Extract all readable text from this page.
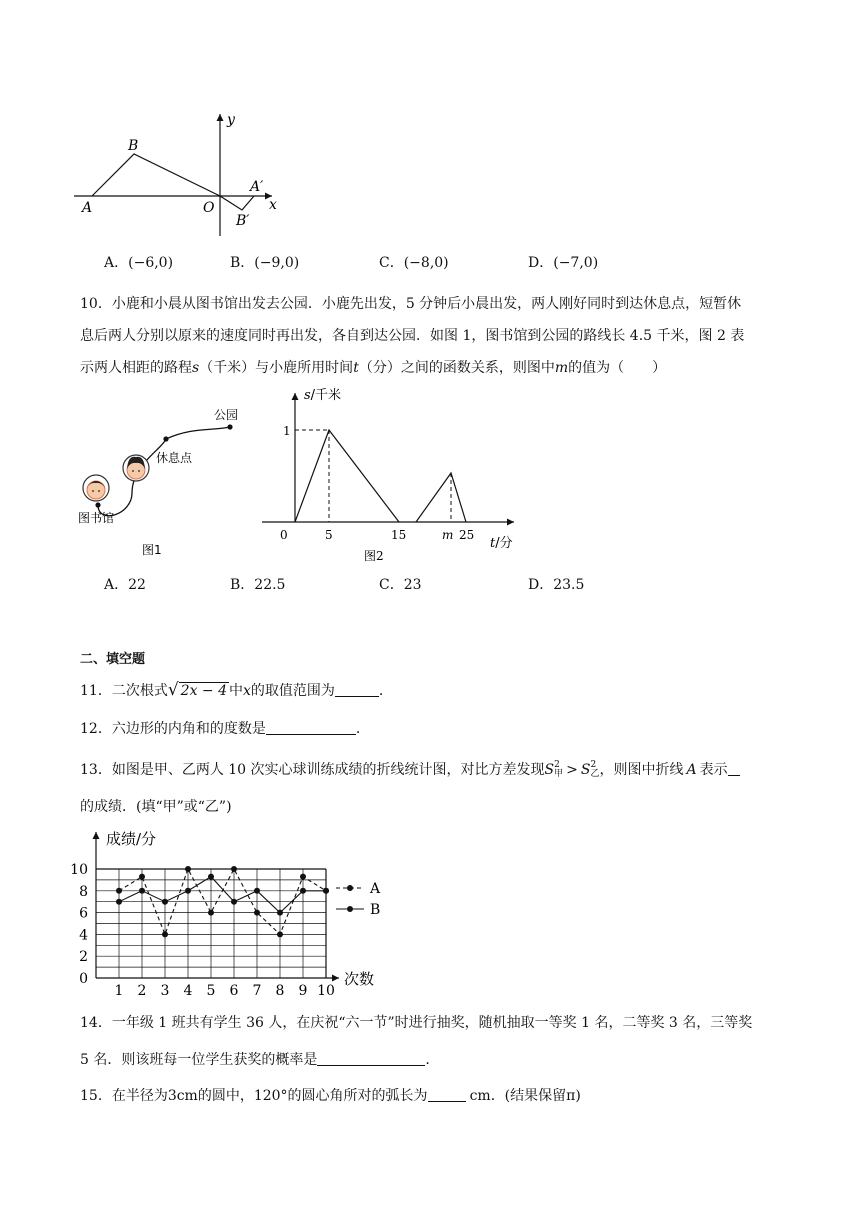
A
B
O
A′
B′
x
y
A．(−6,0)	B．(−9,0)	C．(−8,0)	D．(−7,0)
10．小鹿和小晨从图书馆出发去公园．小鹿先出发，5 分钟后小晨出发，两人刚好同时到达休息点，短暂休
息后两人分别以原来的速度同时再出发，各自到达公园．如图 1，图书馆到公园的路线长 4.5 千米，图 2 表
示两人相距的路程s（千米）与小鹿所用时间t（分）之间的函数关系，则图中m的值为（　　）
公园
休息点
图书馆
图1
s/千米
1
0	5	15	m 25
t/分
图2
A．22	B．22.5	C．23	D．23.5
二、填空题
11．二次根式√ 2x − 4 中x的取值范围为	.
12．六边形的内角和的度数是	.
13．如图是甲、乙两人 10 次实心球训练成绩的折线统计图，对比方差发现S 2
甲 > S 2
乙 ，则图中折线 A 表示
的成绩．(填“甲”或“乙”)
成绩/分
次数
0
2
4
6
8
10
1 2 3 4 5 6 7 8 9 10
A
B
14．一年级 1 班共有学生 36 人，在庆祝“六一节”时进行抽奖，随机抽取一等奖 1 名，二等奖 3 名，三等奖
5 名．则该班每一位学生获奖的概率是	.
15．在半径为3cm的圆中，120°的圆心角所对的弧长为	cm．(结果保留π)
